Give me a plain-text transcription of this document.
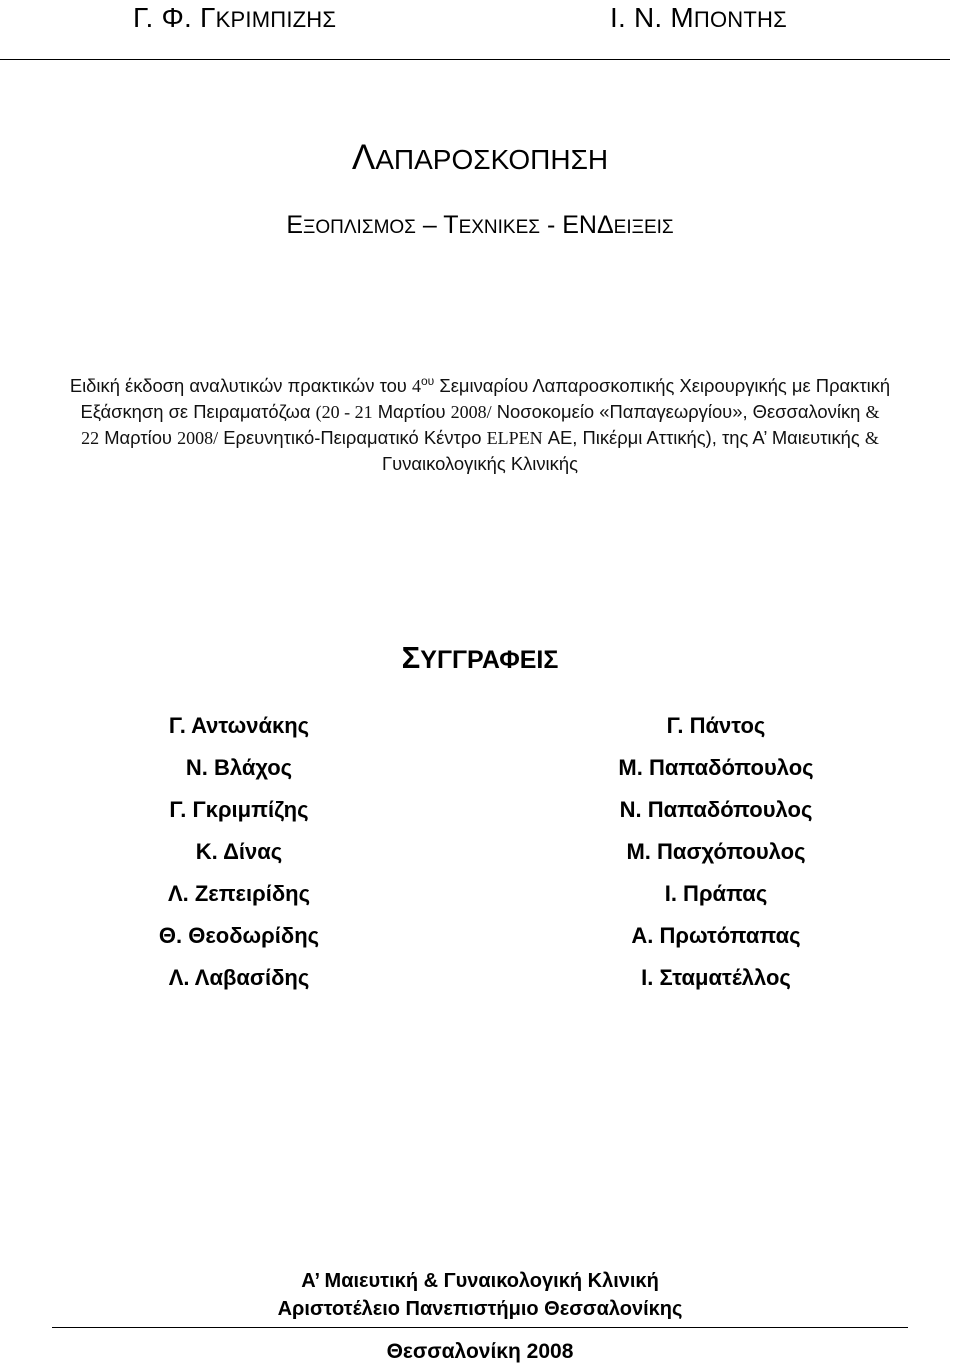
Γ. Φ. ΓΚΡΙΜΠΙΖΗΣ	Ι. Ν. ΜΠΟΝΤΗΣ
ΛΑΠΑΡΟΣΚΟΠΗΣΗ
ΕΞΟΠΛΙΣΜΟΣ – ΤΕΧΝΙΚΕΣ - ΕΝΔΕΙΞΕΙΣ
Ειδική έκδοση αναλυτικών πρακτικών του $4^{o\upsilon}$ Σεμιναρίου Λαπαροσκοπικής Χειρουργικής με Πρακτική
Εξάσκηση σε Πειραματόζωα (20 - 21 Μαρτίου 2008/ Νοσοκομείο «Παπαγεωργίου», Θεσσαλονίκη &
22 Μαρτίου 2008/ Ερευνητικό-Πειραματικό Κέντρο ELPEN ΑΕ, Πικέρμι Αττικής), της Α’ Μαιευτικής &
Γυναικολογικής Κλινικής
ΣΥΓΓΡΑΦΕΙΣ
Γ. Αντωνάκης
Ν. Βλάχος
Γ. Γκριμπίζης
Κ. Δίνας
Λ. Ζεπειρίδης
Θ. Θεοδωρίδης
Λ. Λαβασίδης
Γ. Πάντος
Μ. Παπαδόπουλος
Ν. Παπαδόπουλος
Μ. Πασχόπουλος
Ι. Πράπας
Α. Πρωτόπαπας
Ι. Σταματέλλος
Α’ Μαιευτική & Γυναικολογική Κλινική
Αριστοτέλειο Πανεπιστήμιο Θεσσαλονίκης
Θεσσαλονίκη 2008
